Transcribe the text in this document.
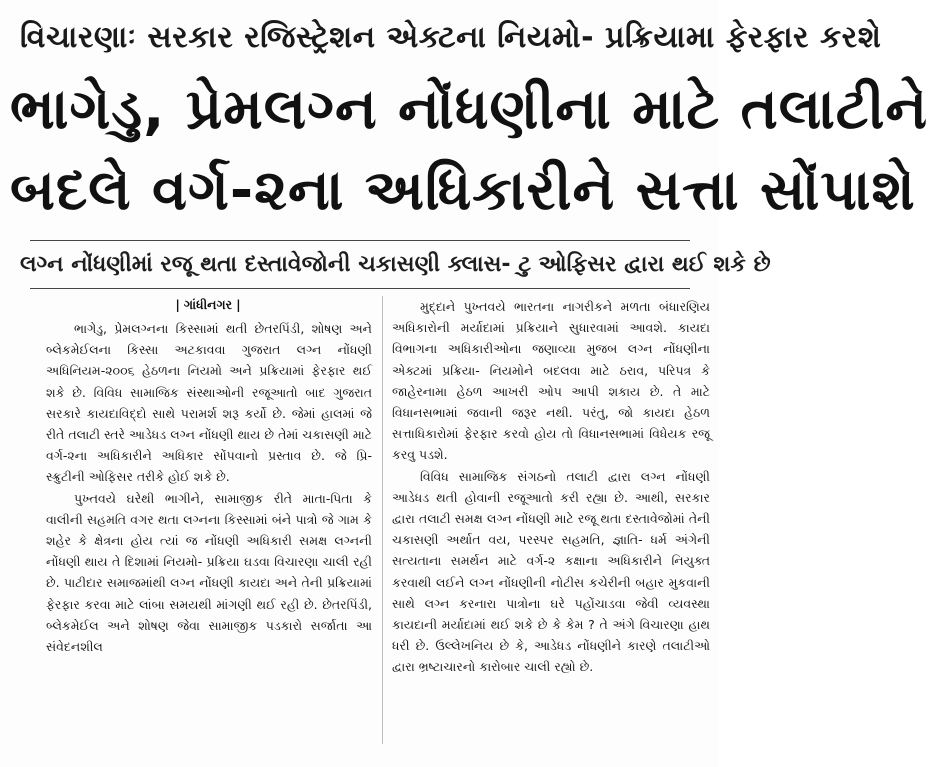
વિચારણાઃ સરકાર રજિસ્ટ્રેશન એક્ટના નિયમો- પ્રક્રિયામા ફેરફાર કરશે
ભાગેડુ, પ્રેમલગ્ન નોંધણીના માટે તલાટીને
બદલે વર્ગ-૨ના અધિકારીને સત્તા સોંપાશે
લગ્ન નોંધણીમાં રજૂ થતા દસ્તાવેજોની ચકાસણી ક્લાસ- ટુ ઓફિસર દ્વારા થઈ શકે છે
| ગાંધીનગર |

ભાગેડુ, પ્રેમલગ્નના કિસ્સામાં થતી છેતરપિંડી, શોષણ અને બ્લેકમેઈલના કિસ્સા અટકાવવા ગુજરાત લગ્ન નોંધણી અધિનિયમ-૨૦૦૬ હેઠળના નિયમો અને પ્રક્રિયામાં ફેરફાર થઈ શકે છે. વિવિધ સામાજિક સંસ્થાઓની રજૂઆતો બાદ ગુજરાત સરકારે કાયદાવિદ્દો સાથે પરામર્શ શરૂ કર્યો છે. જેમાં હાલમાં જે રીતે તલાટી સ્તરે આડેધડ લગ્ન નોંધણી થાય છે તેમાં ચકાસણી માટે વર્ગ-૨ના અધિકારીને અધિકાર સોંપવાનો પ્રસ્તાવ છે. જે પ્રિ- સ્ક્રુટીની ઓફિસર તરીકે હોઈ શકે છે.

પુખ્તવયે ઘરેથી ભાગીને, સામાજીક રીતે માતા-પિતા કે વાલીની સહમતિ વગર થતા લગ્નના કિસ્સામાં બંને પાત્રો જે ગામ કે શહેર કે ક્ષેત્રના હોય ત્યાં જ નોંધણી અધિકારી સમક્ષ લગ્નની નોંધણી થાય તે દિશામાં નિયમો- પ્રક્રિયા ઘડવા વિચારણા ચાલી રહી છે. પાટીદાર સમાજમાંથી લગ્ન નોંધણી કાયદા અને તેની પ્રક્રિયામાં ફેરફાર કરવા માટે લાંબા સમયથી માંગણી થઈ રહી છે. છેતરપિંડી, બ્લેકમેઈલ અને શોષણ જેવા સામાજીક પડકારો સર્જાતા આ સંવેદનશીલ

મુદ્દાને પુખ્તવયે ભારતના નાગરીકને મળતા બંધારણિય અધિકારોની મર્યાદામાં પ્રક્રિયાને સુધારવામાં આવશે. કાયદા વિભાગના અધિકારીઓના જણાવ્યા મુજબ લગ્ન નોંધણીના એક્ટમાં પ્રક્રિયા- નિયમોને બદલવા માટે ઠરાવ, પરિપત્ર કે જાહેરનામા હેઠળ આખરી ઓપ આપી શકાય છે. તે માટે વિધાનસભામાં જવાની જરૂર નથી. પરંતુ, જો કાયદા હેઠળ સત્તાધિકારોમાં ફેરફાર કરવો હોય તો વિધાનસભામાં વિધેયક રજૂ કરવુ પડશે.

વિવિધ સામાજિક સંગઠનો તલાટી દ્વારા લગ્ન નોંધણી આડેધડ થતી હોવાની રજૂઆતો કરી રહ્યા છે. આથી, સરકાર દ્વારા તલાટી સમક્ષ લગ્ન નોંધણી માટે રજૂ થતા દસ્તાવેજોમાં તેની ચકાસણી અર્થાત વય, પરસ્પર સહમતિ, જ્ઞાતિ- ધર્મ અંગેની સત્યતાના સમર્થન માટે વર્ગ-૨ કક્ષાના અધિકારીને નિયુક્ત કરવાથી લઈને લગ્ન નોંધણીની નોટીસ કચેરીની બહાર મુકવાની સાથે લગ્ન કરનારા પાત્રોના ઘરે પહોંચાડવા જેવી વ્યવસ્થા કાયદાની મર્યાદામાં થઈ શકે છે કે કેમ ? તે અંગે વિચારણા હાથ ધરી છે. ઉલ્લેખનિય છે કે, આડેધડ નોંધણીને કારણે તલાટીઓ દ્વારા ભ્રષ્ટાચારનો કારોબાર ચાલી રહ્યો છે.
